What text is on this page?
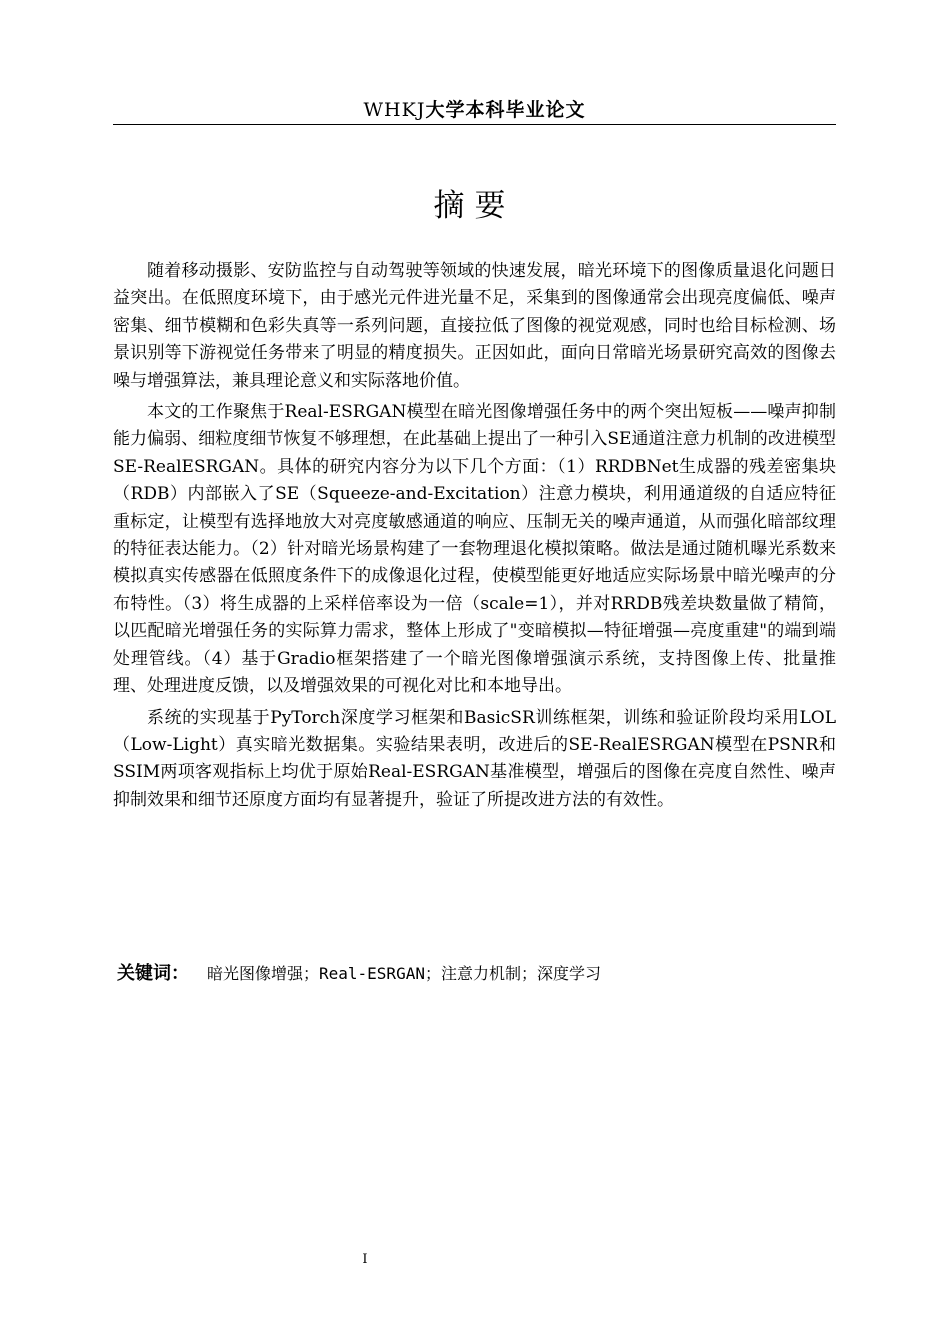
WHKJ大学本科毕业论文
摘要

随着移动摄影、安防监控与自动驾驶等领域的快速发展，暗光环境下的图像质量退化问题日益突出。在低照度环境下，由于感光元件进光量不足，采集到的图像通常会出现亮度偏低、噪声密集、细节模糊和色彩失真等一系列问题，直接拉低了图像的视觉观感，同时也给目标检测、场景识别等下游视觉任务带来了明显的精度损失。正因如此，面向日常暗光场景研究高效的图像去噪与增强算法，兼具理论意义和实际落地价值。

本文的工作聚焦于Real-ESRGAN模型在暗光图像增强任务中的两个突出短板——噪声抑制能力偏弱、细粒度细节恢复不够理想，在此基础上提出了一种引入SE通道注意力机制的改进模型SE-RealESRGAN。具体的研究内容分为以下几个方面：（1）RRDBNet生成器的残差密集块（RDB）内部嵌入了SE（Squeeze-and-Excitation）注意力模块，利用通道级的自适应特征重标定，让模型有选择地放大对亮度敏感通道的响应、压制无关的噪声通道，从而强化暗部纹理的特征表达能力。（2）针对暗光场景构建了一套物理退化模拟策略。做法是通过随机曝光系数来模拟真实传感器在低照度条件下的成像退化过程，使模型能更好地适应实际场景中暗光噪声的分布特性。（3）将生成器的上采样倍率设为一倍（scale=1），并对RRDB残差块数量做了精简，以匹配暗光增强任务的实际算力需求，整体上形成了"变暗模拟—特征增强—亮度重建"的端到端处理管线。（4）基于Gradio框架搭建了一个暗光图像增强演示系统，支持图像上传、批量推理、处理进度反馈，以及增强效果的可视化对比和本地导出。

系统的实现基于PyTorch深度学习框架和BasicSR训练框架，训练和验证阶段均采用LOL（Low-Light）真实暗光数据集。实验结果表明，改进后的SE-RealESRGAN模型在PSNR和SSIM两项客观指标上均优于原始Real-ESRGAN基准模型，增强后的图像在亮度自然性、噪声抑制效果和细节还原度方面均有显著提升，验证了所提改进方法的有效性。

关键词： 暗光图像增强；Real-ESRGAN；注意力机制；深度学习
I
